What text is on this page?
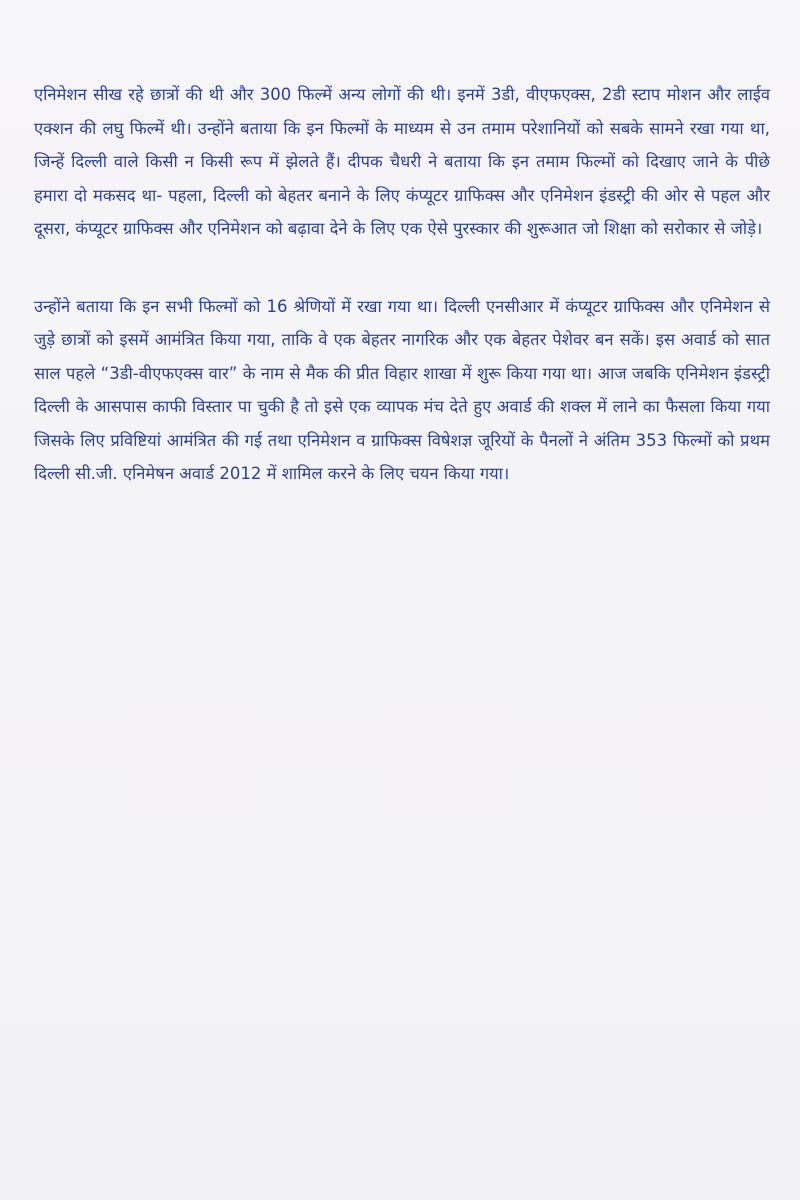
एनिमेशन सीख रहे छात्रों की थी और 300 फिल्में अन्य लोगों की थी। इनमें 3डी, वीएफएक्स, 2डी स्टाप मोशन और लाईव एक्शन की लघु फिल्में थी। उन्होंने बताया कि इन फिल्मों के माध्यम से उन तमाम परेशानियों को सबके सामने रखा गया था, जिन्हें दिल्ली वाले किसी न किसी रूप में झेलते हैं। दीपक चैधरी ने बताया कि इन तमाम फिल्मों को दिखाए जाने के पीछे हमारा दो मकसद था- पहला, दिल्ली को बेहतर बनाने के लिए कंप्यूटर ग्राफिक्स और एनिमेशन इंडस्ट्री की ओर से पहल और दूसरा, कंप्यूटर ग्राफिक्स और एनिमेशन को बढ़ावा देने के लिए एक ऐसे पुरस्कार की शुरूआत जो शिक्षा को सरोकार से जोड़े।

उन्होंने बताया कि इन सभी फिल्मों को 16 श्रेणियों में रखा गया था। दिल्ली एनसीआर में कंप्यूटर ग्राफिक्स और एनिमेशन से जुड़े छात्रों को इसमें आमंत्रित किया गया, ताकि वे एक बेहतर नागरिक और एक बेहतर पेशेवर बन सकें। इस अवार्ड को सात साल पहले “3डी-वीएफएक्स वार” के नाम से मैक की प्रीत विहार शाखा में शुरू किया गया था। आज जबकि एनिमेशन इंडस्ट्री दिल्ली के आसपास काफी विस्तार पा चुकी है तो इसे एक व्यापक मंच देते हुए अवार्ड की शक्ल में लाने का फैसला किया गया जिसके लिए प्रविष्टियां आमंत्रित की गई तथा एनिमेशन व ग्राफिक्स विषेशज्ञ जूरियों के पैनलों ने अंतिम 353 फिल्मों को प्रथम दिल्ली सी.जी. एनिमेषन अवार्ड 2012 में शामिल करने के लिए चयन किया गया।
